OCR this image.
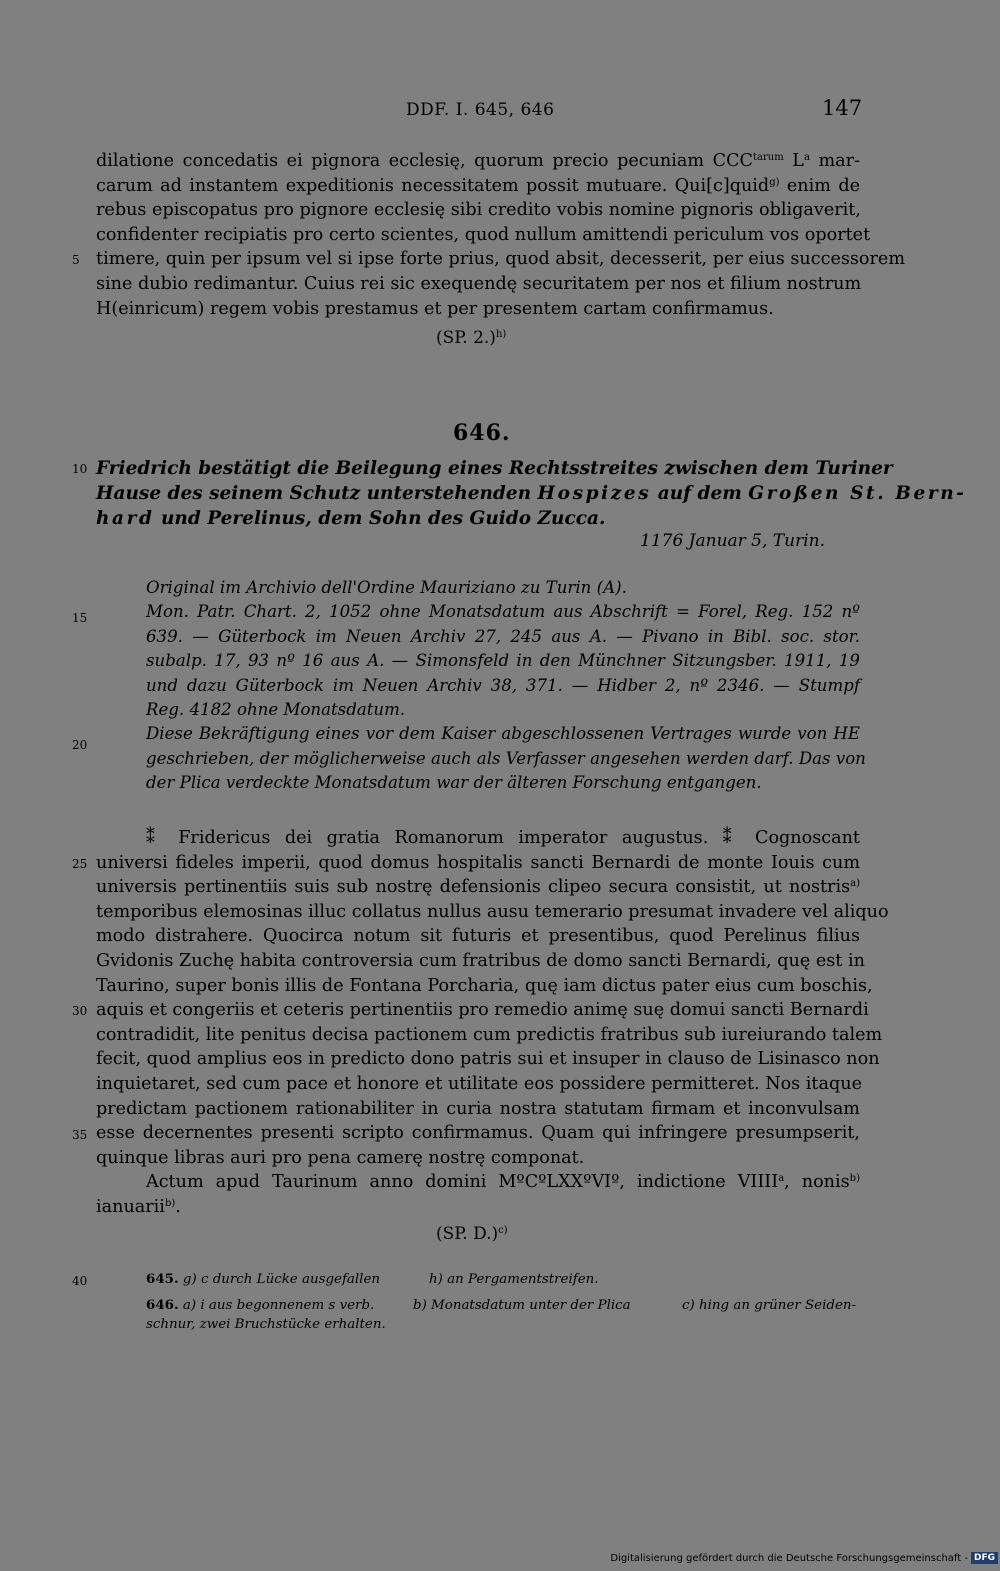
DDF. I. 645, 646	147
5
10
15
20
25
30
35
40
dilatione concedatis ei pignora ecclesię, quorum precio pecuniam $CCC^{tarum}$ $L^a$ mar-
carum ad instantem expeditionis necessitatem possit mutuare. Qui[c]quid$^{g)}$ enim de
rebus episcopatus pro pignore ecclesię sibi credito vobis nomine pignoris obligaverit,
confidenter recipiatis pro certo scientes, quod nullum amittendi periculum vos oportet
timere, quin per ipsum vel si ipse forte prius, quod absit, decesserit, per eius successorem
sine dubio redimantur. Cuius rei sic exequendę securitatem per nos et filium nostrum
H(einricum) regem vobis prestamus et per presentem cartam confirmamus.
(SP. 2.)$^{h)}$
646.
Friedrich bestätigt die Beilegung eines Rechtsstreites zwischen dem Turiner
Hause des seinem Schutz unterstehenden Hospizes auf dem Großen St. Bern-
hard und Perelinus, dem Sohn des Guido Zucca.
1176 Januar 5, Turin.
Original im Archivio dell'Ordine Mauriziano zu Turin (A).
Mon. Patr. Chart. 2, 1052 ohne Monatsdatum aus Abschrift = Forel, Reg. 152 nº
639. — Güterbock im Neuen Archiv 27, 245 aus A. — Pivano in Bibl. soc. stor.
subalp. 17, 93 nº 16 aus A. — Simonsfeld in den Münchner Sitzungsber. 1911, 19
und dazu Güterbock im Neuen Archiv 38, 371. — Hidber 2, nº 2346. — Stumpf
Reg. 4182 ohne Monatsdatum.
Diese Bekräftigung eines vor dem Kaiser abgeschlossenen Vertrages wurde von HE
geschrieben, der möglicherweise auch als Verfasser angesehen werden darf. Das von
der Plica verdeckte Monatsdatum war der älteren Forschung entgangen.
⁑ Fridericus dei gratia Romanorum imperator augustus. ⁑ Cognoscant
universi fideles imperii, quod domus hospitalis sancti Bernardi de monte Iouis cum
universis pertinentiis suis sub nostrę defensionis clipeo secura consistit, ut nostris$^{a)}$
temporibus elemosinas illuc collatus nullus ausu temerario presumat invadere vel aliquo
modo distrahere. Quocirca notum sit futuris et presentibus, quod Perelinus filius
Gvidonis Zuchę habita controversia cum fratribus de domo sancti Bernardi, quę est in
Taurino, super bonis illis de Fontana Porcharia, quę iam dictus pater eius cum boschis,
aquis et congeriis et ceteris pertinentiis pro remedio animę suę domui sancti Bernardi
contradidit, lite penitus decisa pactionem cum predictis fratribus sub iureiurando talem
fecit, quod amplius eos in predicto dono patris sui et insuper in clauso de Lisinasco non
inquietaret, sed cum pace et honore et utilitate eos possidere permitteret. Nos itaque
predictam pactionem rationabiliter in curia nostra statutam firmam et inconvulsam
esse decernentes presenti scripto confirmamus. Quam qui infringere presumpserit,
quinque libras auri pro pena camerę nostrę componat.
Actum apud Taurinum anno domini MºCºLXXºVIº, indictione VIIII$^a$, nonis$^{b)}$
ianuarii$^{b)}$.
(SP. D.)$^{c)}$
645. g) c durch Lücke ausgefallen	h) an Pergamentstreifen.
646. a) i aus begonnenem s verb.	b) Monatsdatum unter der Plica	c) hing an grüner Seiden-
schnur, zwei Bruchstücke erhalten.
Digitalisierung gefördert durch die Deutsche Forschungsgemeinschaft - DFG
